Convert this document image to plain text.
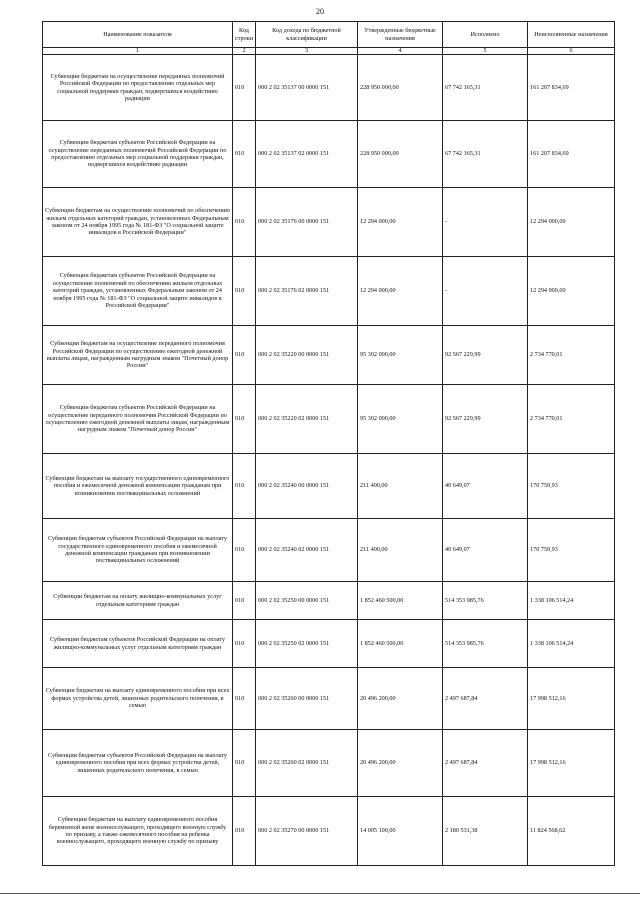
20
Наименование показателя	Код строки	Код дохода по бюджетной классификации	Утвержденные бюджетные назначения	Исполнено	Неисполненные назначения
1	2	3	4	5	6
Субвенции бюджетам на осуществление переданных полномочий Российской Федерации по предоставлению отдельных мер социальной поддержки граждан, подвергшихся воздействию радиации	010	000 2 02 35137 00 0000 151	228 950 000,00	67 742 165,31	161 207 834,69
Субвенции бюджетам субъектов Российской Федерации на осуществление переданных полномочий Российской Федерации по предоставлению отдельных мер социальной поддержки граждан, подвергшихся воздействию радиации	010	000 2 02 35137 02 0000 151	228 950 000,00	67 742 165,31	161 207 834,69
Субвенции бюджетам на осуществление полномочий по обеспечению жильем отдельных категорий граждан, установленных Федеральным законом от 24 ноября 1995 года № 181-ФЗ "О социальной защите инвалидов в Российской Федерации"	010	000 2 02 35176 00 0000 151	12 294 000,00	-	12 294 000,00
Субвенции бюджетам субъектов Российской Федерации на осуществление полномочий по обеспечению жильем отдельных категорий граждан, установленных Федеральным законом от 24 ноября 1995 года № 181-ФЗ "О социальной защите инвалидов в Российской Федерации"	010	000 2 02 35176 02 0000 151	12 294 000,00	-	12 294 000,00
Субвенции бюджетам на осуществление переданного полномочия Российской Федерации по осуществлению ежегодной денежной выплаты лицам, награжденным нагрудным знаком "Почетный донор России"	010	000 2 02 35220 00 0000 151	95 302 000,00	92 567 229,99	2 734 770,01
Субвенции бюджетам субъектов Российской Федерации на осуществление переданного полномочия Российской Федерации по осуществлению ежегодной денежной выплаты лицам, награжденным нагрудным знаком "Почетный донор России"	010	000 2 02 35220 02 0000 151	95 302 000,00	92 567 229,99	2 734 770,01
Субвенции бюджетам на выплату государственного единовременного пособия и ежемесячной денежной компенсации гражданам при возникновении поствакцинальных осложнений	010	000 2 02 35240 00 0000 151	211 400,00	40 649,07	170 750,93
Субвенции бюджетам субъектов Российской Федерации на выплату государственного единовременного пособия и ежемесячной денежной компенсации гражданам при возникновении поствакцинальных осложнений	010	000 2 02 35240 02 0000 151	211 400,00	40 649,07	170 750,93
Субвенции бюджетам на оплату жилищно-коммунальных услуг отдельным категориям граждан	010	000 2 02 35250 00 0000 151	1 852 460 500,00	514 353 985,76	1 338 106 514,24
Субвенции бюджетам субъектов Российской Федерации на оплату жилищно-коммунальных услуг отдельным категориям граждан	010	000 2 02 35250 02 0000 151	1 852 460 500,00	514 353 985,76	1 338 106 514,24
Субвенции бюджетам на выплату единовременного пособия при всех формах устройства детей, лишенных родительского попечения, в семью	010	000 2 02 35260 00 0000 151	20 496 200,00	2 497 687,84	17 998 512,16
Субвенции бюджетам субъектов Российской Федерации на выплату единовременного пособия при всех формах устройства детей, лишенных родительского попечения, в семью	010	000 2 02 35260 02 0000 151	20 496 200,00	2 497 687,84	17 998 512,16
Субвенции бюджетам на выплату единовременного пособия беременной жене военнослужащего, проходящего военную службу по призыву, а также ежемесячного пособия на ребенка военнослужащего, проходящего военную службу по призыву	010	000 2 02 35270 00 0000 151	14 005 100,00	2 180 531,38	11 824 568,62
